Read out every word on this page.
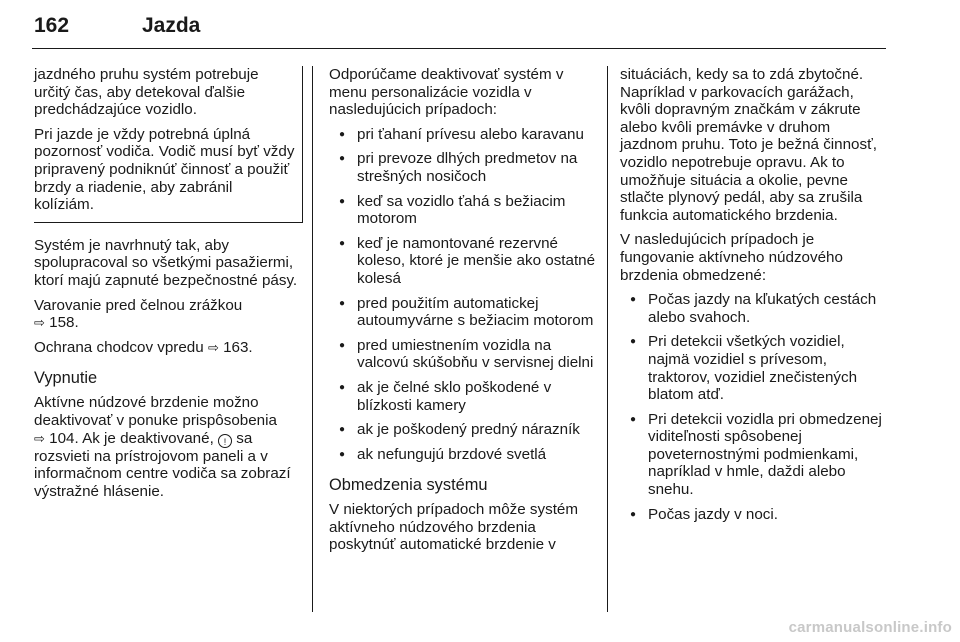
162	Jazda

jazdného pruhu systém potrebuje určitý čas, aby detekoval ďalšie predchádzajúce vozidlo.

Pri jazde je vždy potrebná úplná pozornosť vodiča. Vodič musí byť vždy pripravený podniknúť činnosť a použiť brzdy a riadenie, aby zabránil kolíziám.

Systém je navrhnutý tak, aby spolupracoval so všetkými pasažiermi, ktorí majú zapnuté bezpečnostné pásy.

Varovanie pred čelnou zrážkou
⇨ 158.

Ochrana chodcov vpredu ⇨ 163.

Vypnutie

Aktívne núdzové brzdenie možno deaktivovať v ponuke prispôsobenia
⇨ 104. Ak je deaktivované, ! sa rozsvieti na prístrojovom paneli a v informačnom centre vodiča sa zobrazí výstražné hlásenie.

Odporúčame deaktivovať systém v menu personalizácie vozidla v nasledujúcich prípadoch:

● pri ťahaní prívesu alebo karavanu
● pri prevoze dlhých predmetov na strešných nosičoch
● keď sa vozidlo ťahá s bežiacim motorom
● keď je namontované rezervné koleso, ktoré je menšie ako ostatné kolesá
● pred použitím automatickej autoumyvárne s bežiacim motorom
● pred umiestnením vozidla na valcovú skúšobňu v servisnej dielni
● ak je čelné sklo poškodené v blízkosti kamery
● ak je poškodený predný nárazník
● ak nefungujú brzdové svetlá
Obmedzenia systému

V niektorých prípadoch môže systém aktívneho núdzového brzdenia poskytnúť automatické brzdenie v

situáciách, kedy sa to zdá zbytočné. Napríklad v parkovacích garážach, kvôli dopravným značkám v zákrute alebo kvôli premávke v druhom jazdnom pruhu. Toto je bežná činnosť, vozidlo nepotrebuje opravu. Ak to umožňuje situácia a okolie, pevne stlačte plynový pedál, aby sa zrušila funkcia automatického brzdenia.

V nasledujúcich prípadoch je fungovanie aktívneho núdzového brzdenia obmedzené:

● Počas jazdy na kľukatých cestách alebo svahoch.
● Pri detekcii všetkých vozidiel, najmä vozidiel s prívesom, traktorov, vozidiel znečistených blatom atď.
● Pri detekcii vozidla pri obmedzenej viditeľnosti spôsobenej poveternostnými podmienkami, napríklad v hmle, daždi alebo snehu.
● Počas jazdy v noci.
carmanualsonline.info
